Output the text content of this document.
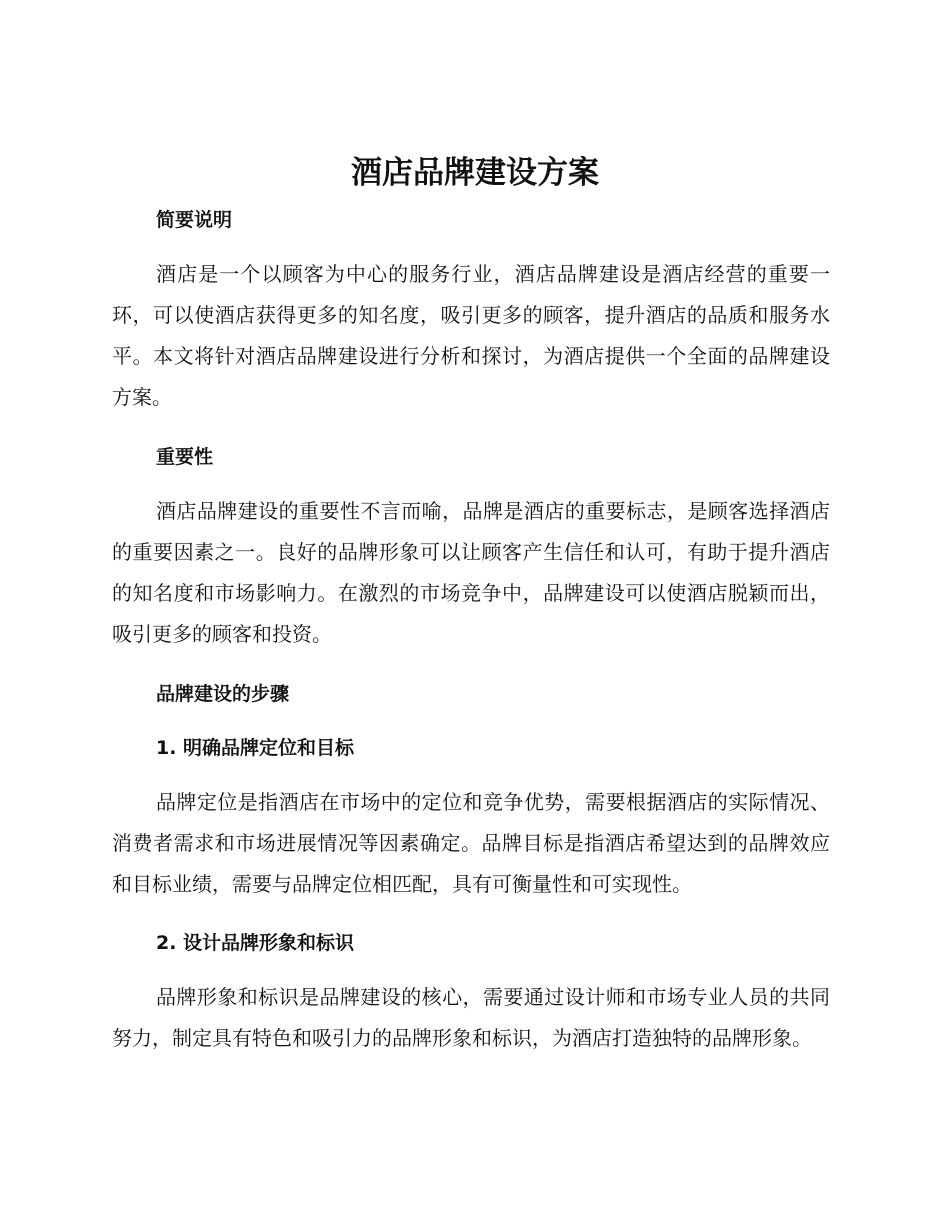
酒店品牌建设方案
简要说明

酒店是一个以顾客为中心的服务行业，酒店品牌建设是酒店经营的重要一环，可以使酒店获得更多的知名度，吸引更多的顾客，提升酒店的品质和服务水平。本文将针对酒店品牌建设进行分析和探讨，为酒店提供一个全面的品牌建设方案。

重要性

酒店品牌建设的重要性不言而喻，品牌是酒店的重要标志，是顾客选择酒店的重要因素之一。良好的品牌形象可以让顾客产生信任和认可，有助于提升酒店的知名度和市场影响力。在激烈的市场竞争中，品牌建设可以使酒店脱颖而出，吸引更多的顾客和投资。

品牌建设的步骤
1. 明确品牌定位和目标

品牌定位是指酒店在市场中的定位和竞争优势，需要根据酒店的实际情况、消费者需求和市场进展情况等因素确定。品牌目标是指酒店希望达到的品牌效应和目标业绩，需要与品牌定位相匹配，具有可衡量性和可实现性。

2. 设计品牌形象和标识

品牌形象和标识是品牌建设的核心，需要通过设计师和市场专业人员的共同努力，制定具有特色和吸引力的品牌形象和标识，为酒店打造独特的品牌形象。
